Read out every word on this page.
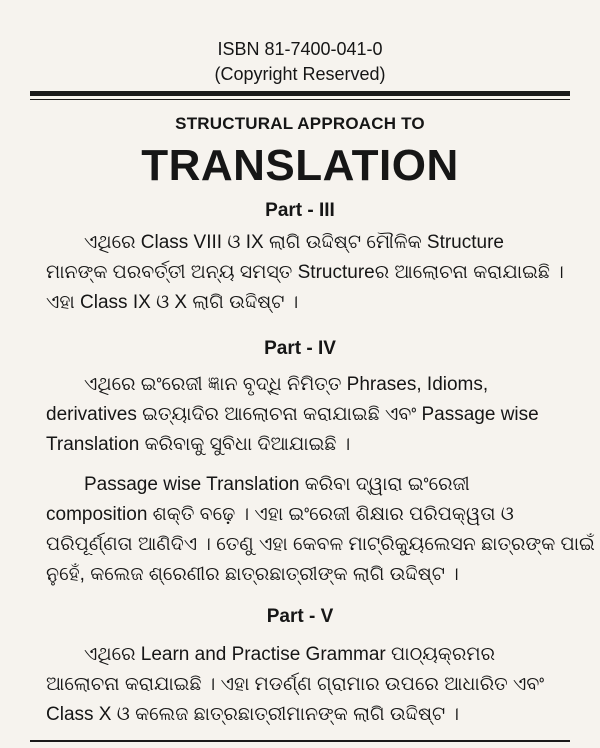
ISBN 81-7400-041-0

(Copyright Reserved)

STRUCTURAL APPROACH TO

TRANSLATION
Part - III

ଏଥିରେ Class VIII ଓ IX ଲାଗି ଉଦ୍ଦିଷ୍ଟ ମୌଳିକ Structure
ମାନଙ୍କ ପରବର୍ତ୍ତୀ ଅନ୍ୟ ସମସ୍ତ Structureର ଆଲୋଚନା କରାଯାଇଛି ।
ଏହା Class IX ଓ X ଲାଗି ଉଦ୍ଦିଷ୍ଟ ।

Part - IV

ଏଥିରେ ଇଂରେଜୀ ଜ୍ଞାନ ବୃଦ୍ଧି ନିମିତ୍ତ Phrases, Idioms,
derivatives ଇତ୍ୟାଦିର ଆଲୋଚନା କରାଯାଇଛି ଏବଂ Passage wise
Translation କରିବାକୁ ସୁବିଧା ଦିଆଯାଇଛି ।

Passage wise Translation କରିବା ଦ୍ୱାରା ଇଂରେଜୀ
composition ଶକ୍ତି ବଢ଼େ । ଏହା ଇଂରେଜୀ ଶିକ୍ଷାର ପରିପକ୍ୱତା ଓ
ପରିପୂର୍ଣ୍ଣତା ଆଣିଦିଏ । ତେଣୁ ଏହା କେବଳ ମାଟ୍ରିକ୍ୟୁଲେସନ ଛାତ୍ରଙ୍କ ପାଇଁ
ନୁହେଁ, କଲେଜ ଶ୍ରେଣୀର ଛାତ୍ରଛାତ୍ରୀଙ୍କ ଲାଗି ଉଦ୍ଦିଷ୍ଟ ।

Part - V

ଏଥିରେ Learn and Practise Grammar ପାଠ୍ୟକ୍ରମର
ଆଲୋଚନା କରାଯାଇଛି । ଏହା ମଡର୍ଣ୍ଣ ଗ୍ରାମାର ଉପରେ ଆଧାରିତ ଏବଂ
Class X ଓ କଲେଜ ଛାତ୍ରଛାତ୍ରୀମାନଙ୍କ ଲାଗି ଉଦ୍ଦିଷ୍ଟ ।
